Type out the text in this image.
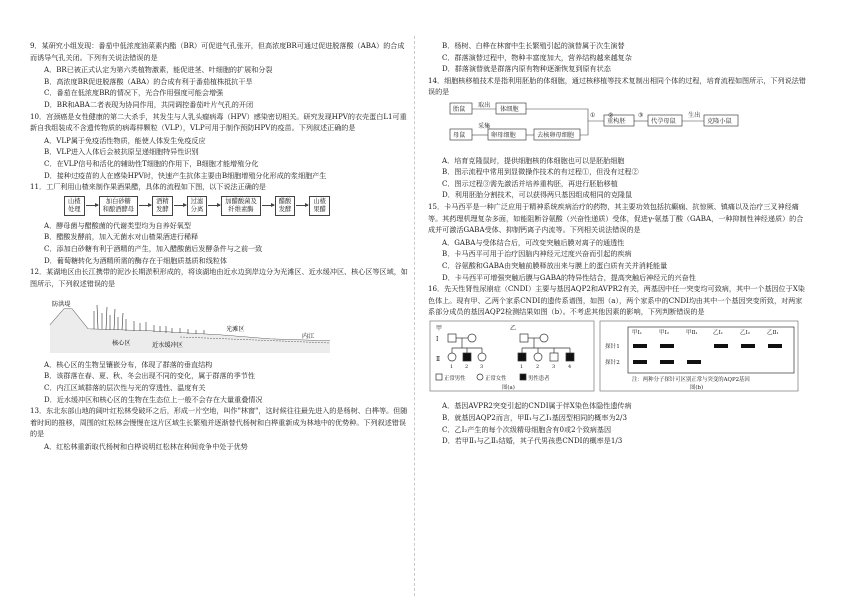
9．某研究小组发现：番茄中低浓度油菜素内酯（BR）可促进气孔张开，但高浓度BR可通过促进脱落酸（ABA）的合成而诱导气孔关闭。下列有关说法错误的是

A．BR已被正式认定为第六类植物激素，能促进茎、叶细胞的扩展和分裂

B．高浓度BR促进脱落酸（ABA）的合成有利于番茄植株抵抗干旱

C．番茄在低浓度BR的情况下，光合作用强度可能会增强

D．BR和ABA二者表现为协同作用，共同调控番茄叶片气孔的开闭

10．宫颈癌是女性健康的第二大杀手，其发生与人乳头瘤病毒（HPV）感染密切相关。研究发现HPV的衣壳蛋白L1可重新自我组装成不含遗传物质的病毒样颗粒（VLP），VLP可用于制作预防HPV的疫苗。下列叙述正确的是

A．VLP属于免疫活性物质，能使人体发生免疫反应

B．VLP进入人体后会被抗原呈递细胞特异性识别

C．在VLP信号和活化的辅助性T细胞的作用下，B细胞才能增殖分化

D．接种过疫苗的人在感染HPV时，快速产生抗体主要由B细胞增殖分化形成的浆细胞产生

11．工厂利用山楂来制作果酒果醋，具体的流程如下图，以下说法正确的是

山楂
处理
加白砂糖
和酿酒酵母
酒精
发酵
过滤
分离
加醋酸菌及
纤维素酶
醋酸
发酵
山楂
果醋

A．酵母菌与醋酸菌的代谢类型均为自养好氧型

B．醋酸发酵前，加入无菌水对山楂果酒进行稀释

C．添加白砂糖有利于酒精的产生，加入醋酸菌后发酵条件与之前一致

D．葡萄糖转化为酒精所需的酶存在于细胞质基质和线粒体

12．某湖地区由长江携带的泥沙长期淤积形成的，将该湖地由近水边到岸边分为光滩区、近水缓冲区、核心区等区域，如图所示，下列叙述错误的是

防洪堤
核心区	近水缓冲区
光滩区
内江

A．核心区的生物呈镶嵌分布，体现了群落的垂直结构

B．该群落在春、夏、秋、冬会出现不同的变化，属于群落的季节性

C．内江区域群落的层次性与光的穿透性、温度有关

D．近水缓冲区和核心区的生物在生态位上一般不会存在大量重叠情况

13．东北东部山地的阔叶红松林受破坏之后，形成一片空地，叫作"林窗"，这时候往往最先进入的是杨树、白桦等。但随着时间的推移，周围的红松林会慢慢在这片区域生长繁殖并逐渐替代杨树和白桦重新成为林地中的优势种。下列叙述错误的是

A．红松林重新取代杨树和白桦说明红松林在种间竞争中处于优势

B．杨树、白桦在林窗中生长繁殖引起的演替属于次生演替

C．群落演替过程中，物种丰富度加大，营养结构越来越复杂

D．群落演替就是群落内原有物种逐渐恢复到原有状态

14．细胞核移植技术是指利用胚胎的体细胞，通过核移植等技术复制出相同个体的过程，培育流程如图所示，下列说法错误的是

胎鼠
取出
体细胞
母鼠
采集
卵母细胞	去核卵母细胞
① ②
重构胚
③
代孕母鼠
生出
克隆小鼠

A．培育克隆鼠时，提供细胞核的体细胞也可以是胚胎细胞

B．图示流程中常用到显微操作技术的有过程①，但没有过程②

C．图示过程③需先激活并培养重构胚，再进行胚胎移植

D．利用胚胎分割技术，可以获得两只基因组成相同的克隆鼠

15．卡马西平是一种广泛应用于精神系统疾病治疗的药物，其主要功效包括抗癫痫、抗惊厥、镇痛以及治疗三叉神经痛等。其药理机理复杂多面，如能阻断谷氨酸（兴奋性递质）受体，促进γ-氨基丁酸（GABA，一种抑制性神经递质）的合成并可激活GABA受体、抑制钙离子内流等。下列相关说法错误的是

A．GABA与受体结合后，可改变突触后膜对离子的通透性

B．卡马西平可用于治疗因脑内神经元过度兴奋而引起的疾病

C．谷氨酸和GABA由突触前膜释放出来与膜上的蛋白质有关并消耗能量

D．卡马西平可增强突触后膜与GABA的特异性结合，提高突触后神经元的兴奋性

16．先天性肾性尿崩症（CNDI）主要与基因AQP2和AVPR2有关，两基因中任一突变均可致病，其中一个基因位于X染色体上。现有甲、乙两个家系CNDI的遗传系谱图，如图（a），两个家系中的CNDI均由其中一个基因突变所致，对两家系部分成员的基因AQP2检测结果如图（b）。不考虑其他因素的影响，下列判断错误的是

甲	乙
Ⅰ
Ⅱ
1 2 3	1	2	3	4
正常男性	正常女性	男性患者
图(a)
甲Ⅰ₁	甲Ⅰ₂	甲Ⅱ₁	乙Ⅰ₁	乙Ⅰ₂	乙Ⅱ₁
探针1
探针2
注：两种分子探针可区别正常与突变的AQP2基因
图(b)

A．基因AVPR2突变引起的CNDI属于伴X染色体隐性遗传病

B．就基因AQP2而言，甲Ⅱ₁与乙Ⅰ₁基因型相同的概率为2/3

C．乙Ⅰ₂产生的每个次级精母细胞含有0或2个致病基因

D．若甲Ⅱ₁与乙Ⅱ₁结婚，其子代男孩患CNDI的概率是1/3
